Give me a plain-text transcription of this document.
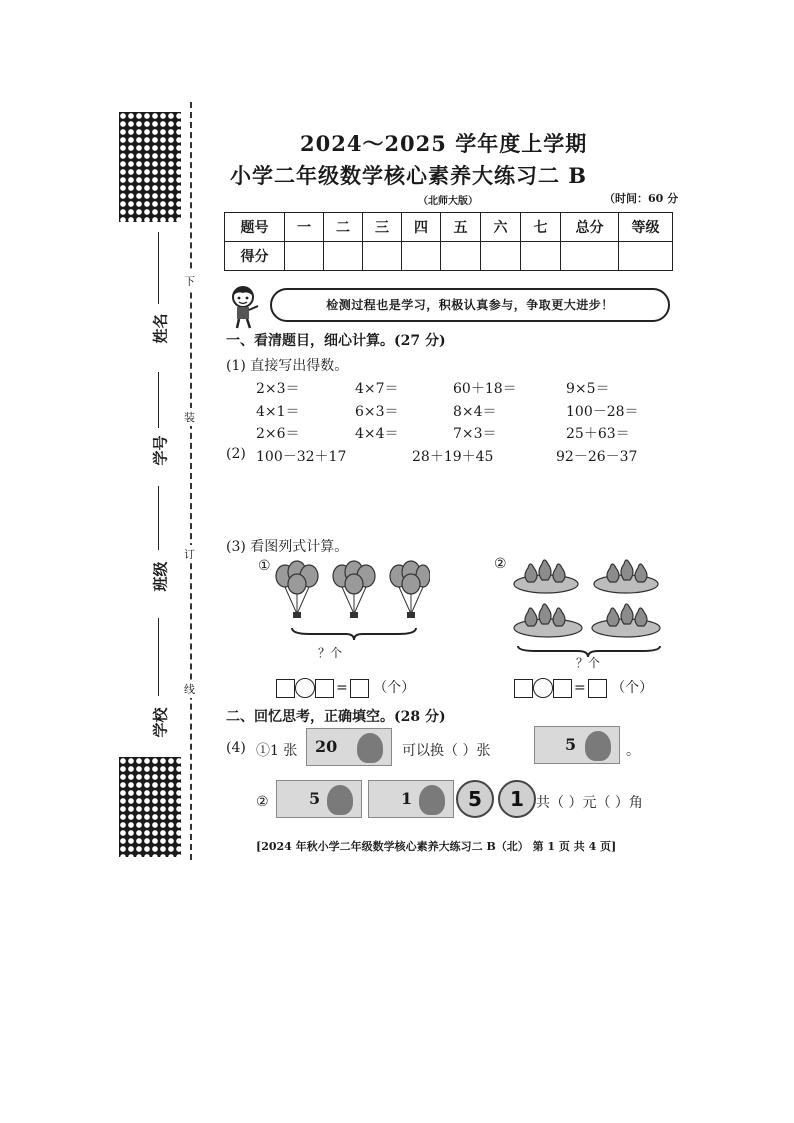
姓名
学号
班级
学校
下
装
订
线
2024～2025 学年度上学期
小学二年级数学核心素养大练习二 B
（北师大版）	（时间：60 分
题号	一	二	三	四	五	六	七	总分	等级
得分									
检测过程也是学习，积极认真参与，争取更大进步！
一、看清题目，细心计算。(27 分)
(1) 直接写出得数。
2×3＝	4×7＝	60＋18＝	9×5＝
4×1＝	6×3＝	8×4＝	100－28＝
2×6＝	4×4＝	7×3＝	25＋63＝
(2) 100－32＋17	28＋19＋45	92－26－37
(3) 看图列式计算。
①
？个
②
？个
= （个）	= （个）
二、回忆思考，正确填空。(28 分)
(4) ①1 张 20	可以换（ ）张	5	。
②	5	1	5	1 共（ ）元（ ）角
[2024 年秋小学二年级数学核心素养大练习二 B（北） 第 1 页 共 4 页]
